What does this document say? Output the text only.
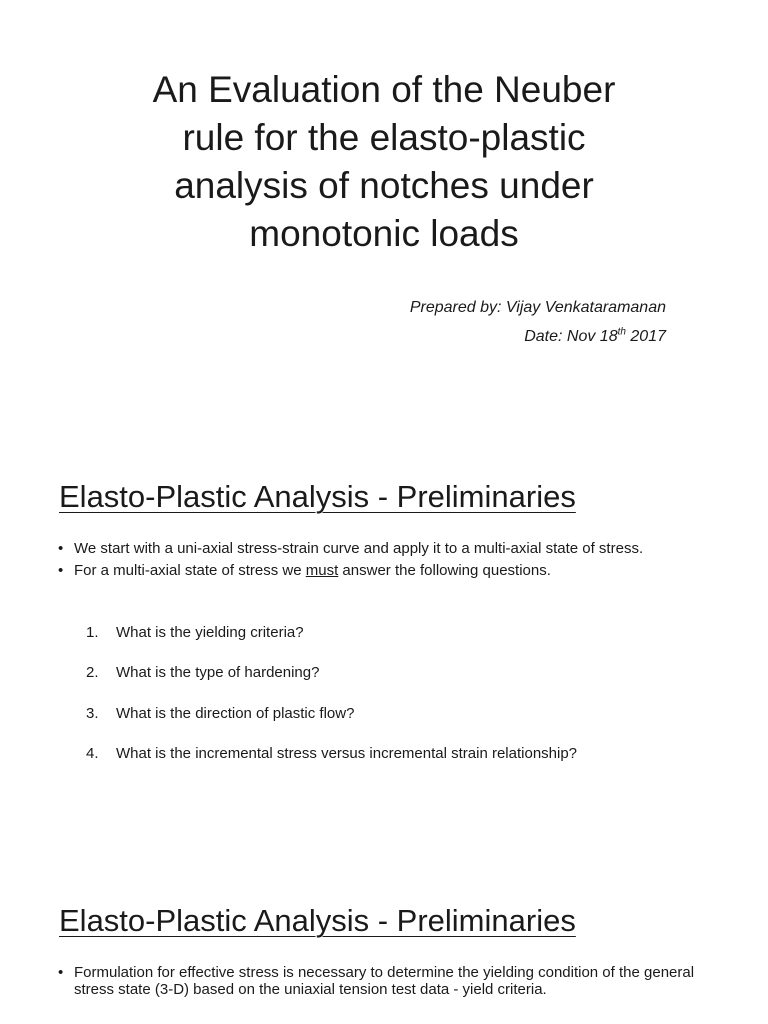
An Evaluation of the Neuber rule for the elasto-plastic analysis of notches under monotonic loads

Prepared by: Vijay Venkataramanan

Date: Nov 18th 2017

Elasto-Plastic Analysis - Preliminaries
• We start with a uni-axial stress-strain curve and apply it to a multi-axial state of stress.
• For a multi-axial state of stress we must answer the following questions.
1. What is the yielding criteria?
2. What is the type of hardening?
3. What is the direction of plastic flow?
4. What is the incremental stress versus incremental strain relationship?
Elasto-Plastic Analysis - Preliminaries
• Formulation for effective stress is necessary to determine the yielding condition of the general stress state (3-D) based on the uniaxial tension test data - yield criteria.
